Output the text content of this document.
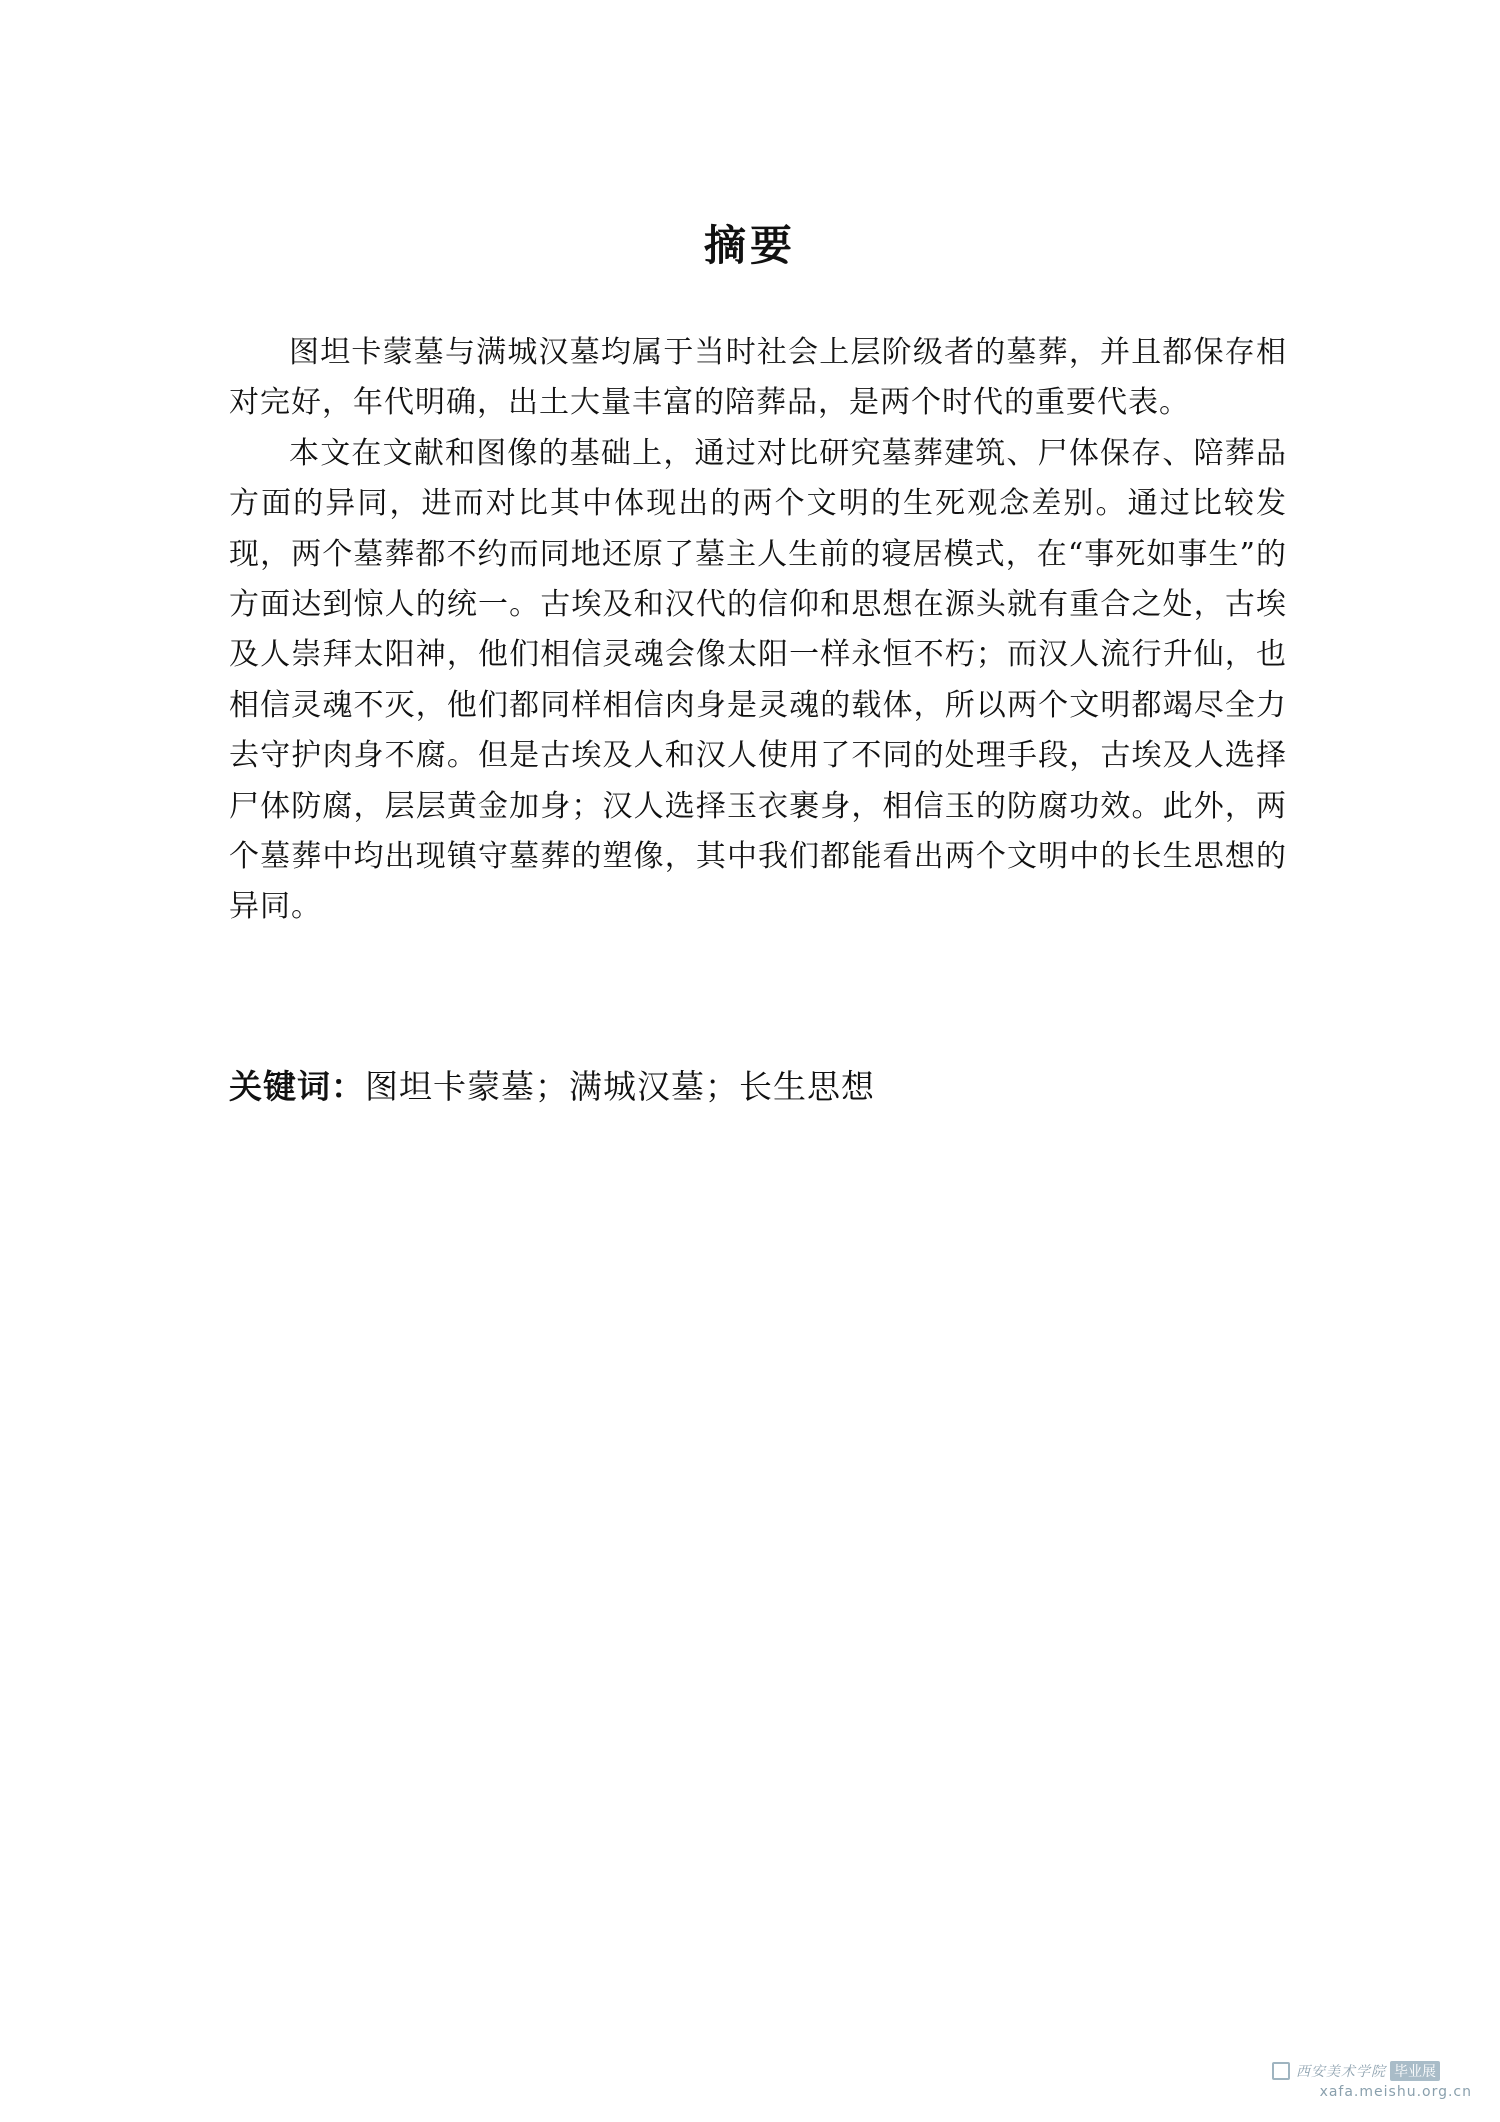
摘要

图坦卡蒙墓与满城汉墓均属于当时社会上层阶级者的墓葬，并且都保存相对完好，年代明确，出土大量丰富的陪葬品，是两个时代的重要代表。

本文在文献和图像的基础上，通过对比研究墓葬建筑、尸体保存、陪葬品方面的异同，进而对比其中体现出的两个文明的生死观念差别。通过比较发现，两个墓葬都不约而同地还原了墓主人生前的寝居模式，在“事死如事生”的方面达到惊人的统一。古埃及和汉代的信仰和思想在源头就有重合之处，古埃及人崇拜太阳神，他们相信灵魂会像太阳一样永恒不朽；而汉人流行升仙，也相信灵魂不灭，他们都同样相信肉身是灵魂的载体，所以两个文明都竭尽全力去守护肉身不腐。但是古埃及人和汉人使用了不同的处理手段，古埃及人选择尸体防腐，层层黄金加身；汉人选择玉衣裹身，相信玉的防腐功效。此外，两个墓葬中均出现镇守墓葬的塑像，其中我们都能看出两个文明中的长生思想的异同。

关键词：图坦卡蒙墓；满城汉墓；长生思想
西安美术学院 毕业展
xafa.meishu.org.cn
